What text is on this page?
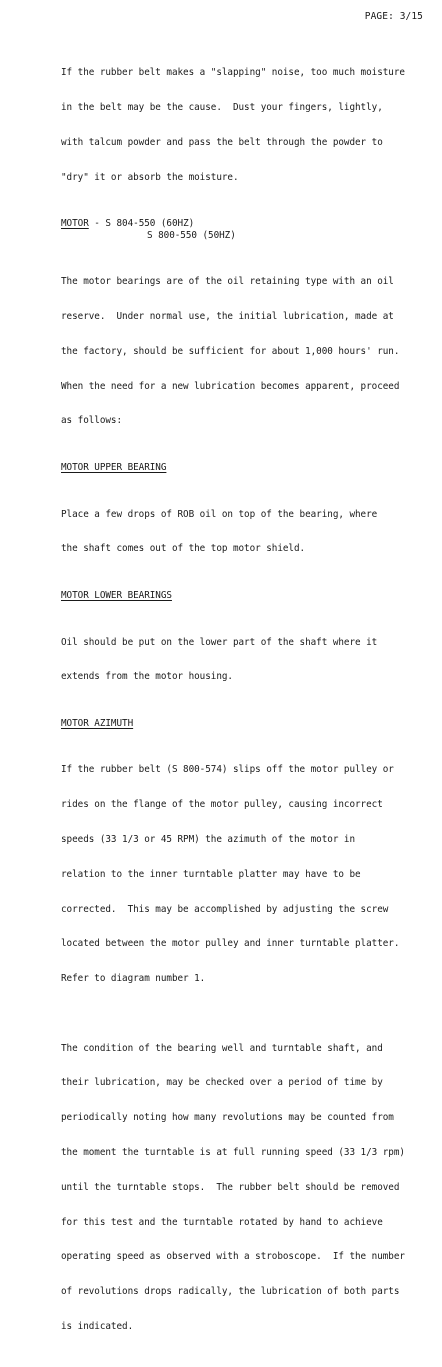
PAGE: 3/15

If the rubber belt makes a "slapping" noise, too much moisture

in the belt may be the cause.  Dust your fingers, lightly,

with talcum powder and pass the belt through the powder to

"dry" it or absorb the moisture.

MOTOR - S 804-550 (60HZ)
S 800-550 (50HZ)

The motor bearings are of the oil retaining type with an oil

reserve.  Under normal use, the initial lubrication, made at

the factory, should be sufficient for about 1,000 hours' run.

When the need for a new lubrication becomes apparent, proceed

as follows:

MOTOR UPPER BEARING

Place a few drops of ROB oil on top of the bearing, where

the shaft comes out of the top motor shield.

MOTOR LOWER BEARINGS

Oil should be put on the lower part of the shaft where it

extends from the motor housing.

MOTOR AZIMUTH

If the rubber belt (S 800-574) slips off the motor pulley or

rides on the flange of the motor pulley, causing incorrect

speeds (33 1/3 or 45 RPM) the azimuth of the motor in

relation to the inner turntable platter may have to be

corrected.  This may be accomplished by adjusting the screw

located between the motor pulley and inner turntable platter.

Refer to diagram number 1.

The condition of the bearing well and turntable shaft, and

their lubrication, may be checked over a period of time by

periodically noting how many revolutions may be counted from

the moment the turntable is at full running speed (33 1/3 rpm)

until the turntable stops.  The rubber belt should be removed

for this test and the turntable rotated by hand to achieve

operating speed as observed with a stroboscope.  If the number

of revolutions drops radically, the lubrication of both parts

is indicated.
